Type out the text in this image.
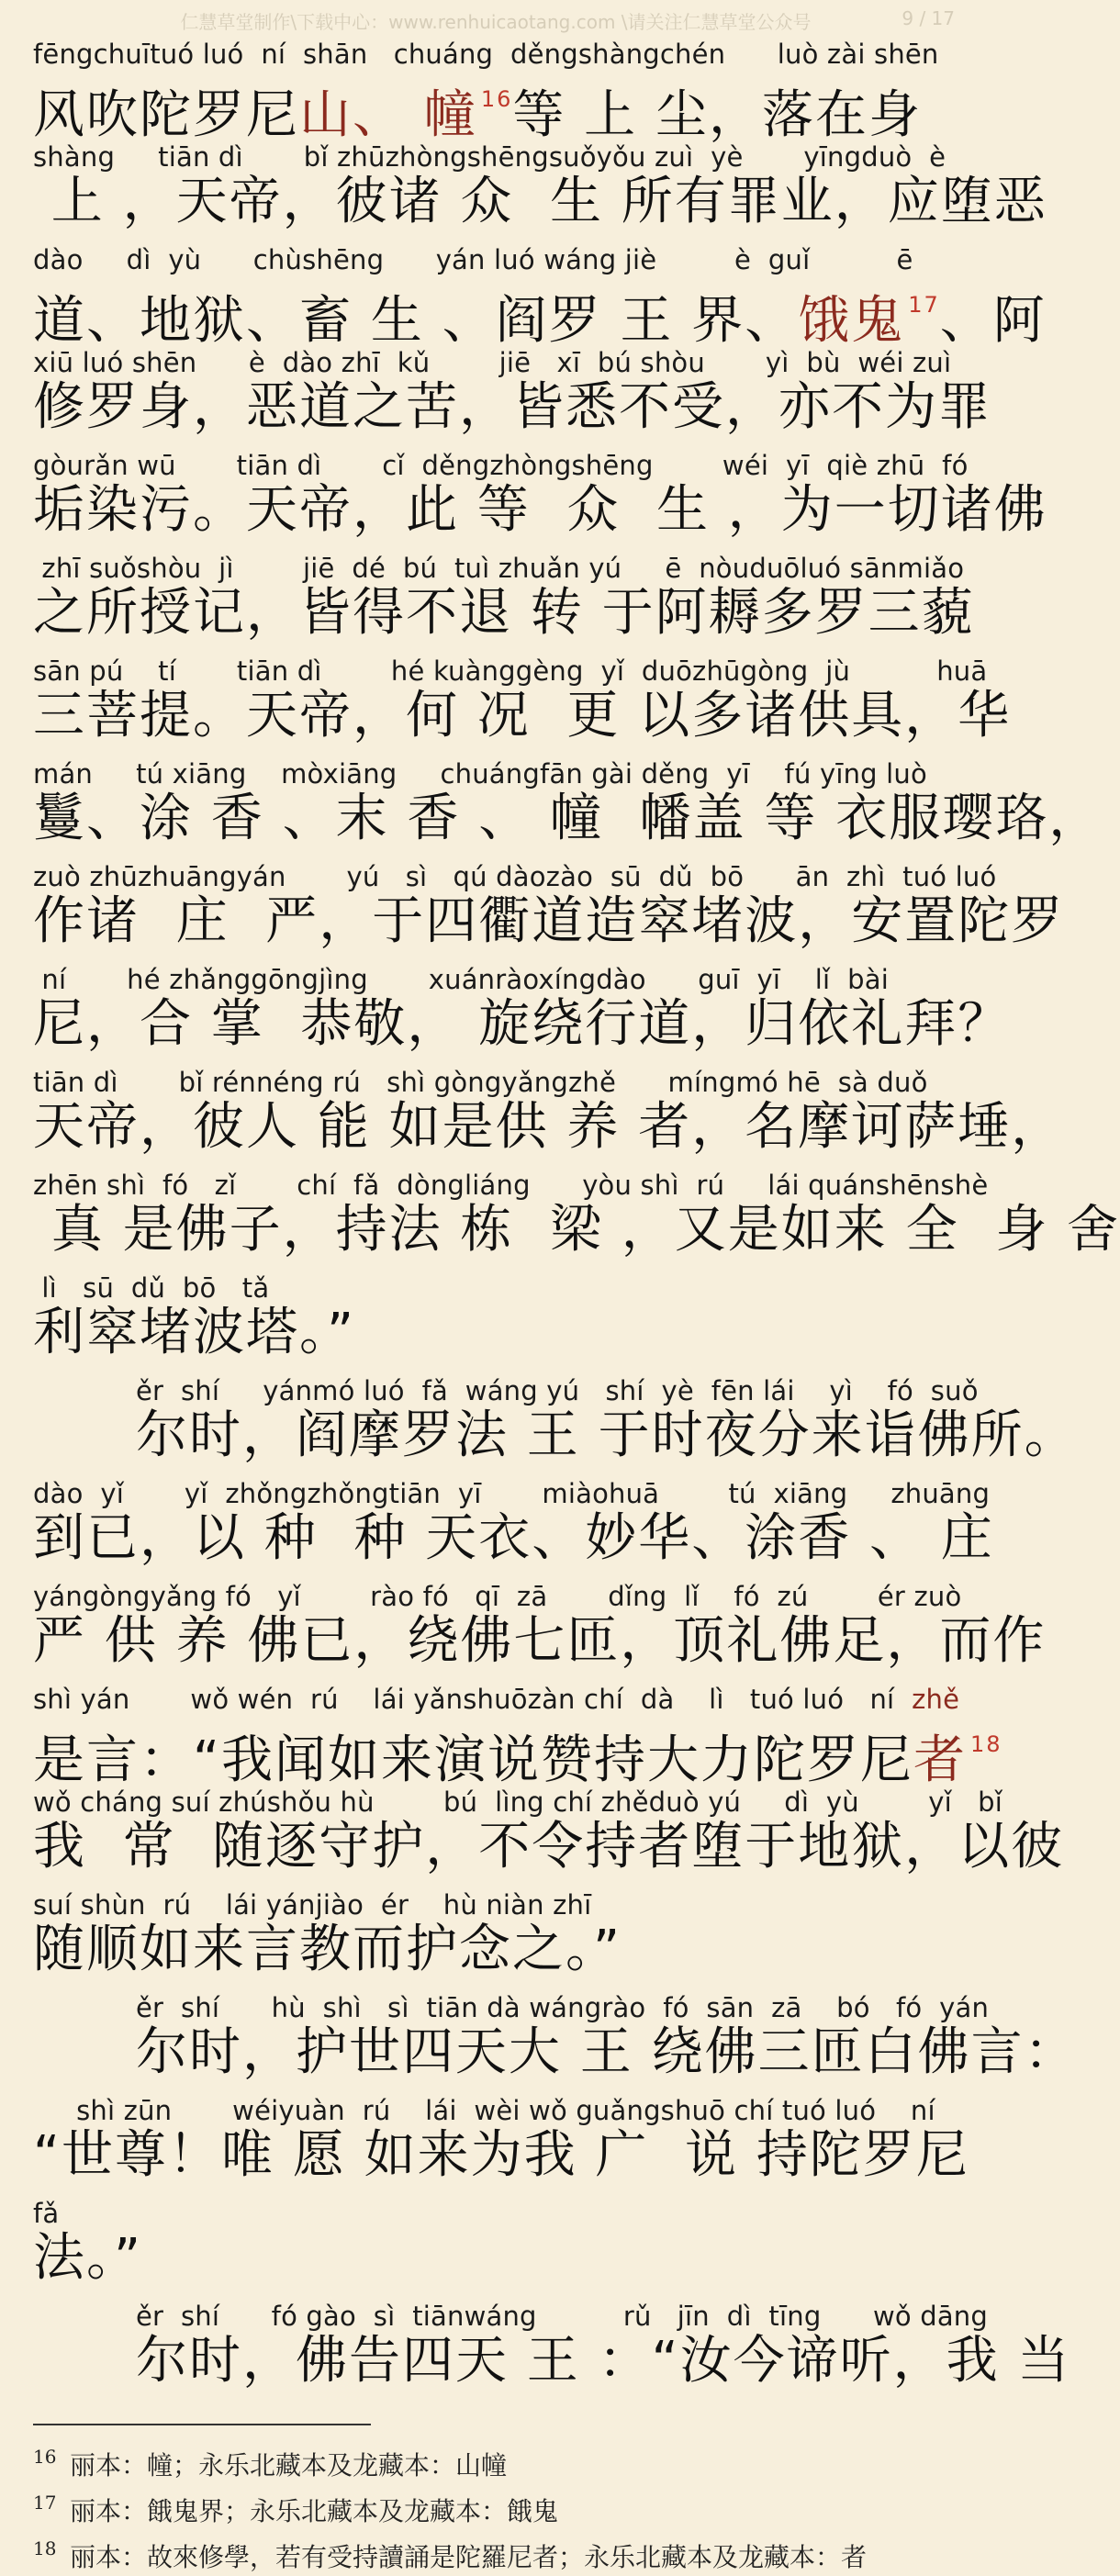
仁慧草堂制作\下载中心：www.renhuicaotang.com \请关注仁慧草堂公众号	9 / 17
fēngchuītuó luó  ní  shān   chuáng  děngshàngchén      luò zài shēn
风吹陀罗尼山、 幢 $^{16}$等 上 尘，落在身
shàng     tiān dì       bǐ zhūzhòngshēngsuǒyǒu zuì  yè       yīngduò  è
上 ，天帝，彼诸 众  生 所有罪业，应堕恶
dào     dì  yù      chùshēng      yán luó wáng jiè         è  guǐ          ē
道、地狱、畜 生 、阎罗 王 界、饿鬼 $^{17}$、阿
xiū luó shēn      è  dào zhī  kǔ        jiē   xī  bú shòu       yì  bù  wéi zuì
修罗身，恶道之苦，皆悉不受，亦不为罪
gòurǎn wū       tiān dì       cǐ  děngzhòngshēng        wéi  yī  qiè zhū  fó
垢染污。天帝，此 等  众  生 ，为一切诸佛
zhī suǒshòu  jì        jiē  dé  bú  tuì zhuǎn yú     ē  nòuduōluó sānmiǎo
之所授记，皆得不退 转 于阿耨多罗三藐
sān pú    tí       tiān dì        hé kuànggèng  yǐ  duōzhūgòng  jù          huā
三菩提。天帝，何 况  更 以多诸供具，华
mán     tú xiāng    mòxiāng     chuángfān gài děng  yī    fú yīng luò
鬘、涂 香 、末 香 、 幢  幡盖 等 衣服璎珞，
zuò zhūzhuāngyán       yú   sì   qú dàozào  sū  dǔ  bō      ān  zhì  tuó luó
作诸  庄  严，于四衢道造窣堵波，安置陀罗
ní       hé zhǎnggōngjìng       xuánràoxíngdào      guī  yī    lǐ  bài
尼，合 掌  恭敬， 旋绕行道，归依礼拜？
tiān dì       bǐ rénnéng rú   shì gòngyǎngzhě      míngmó hē  sà duǒ
天帝，彼人 能 如是供 养 者，名摩诃萨埵，
zhēn shì  fó   zǐ       chí  fǎ  dòngliáng      yòu shì  rú     lái quánshēnshè
真 是佛子，持法 栋  梁 ，又是如来 全  身 舍
lì   sū  dǔ  bō   tǎ
利窣堵波塔。”
ěr  shí     yánmó luó  fǎ  wáng yú   shí  yè  fēn lái    yì    fó  suǒ
尔时，阎摩罗法 王 于时夜分来诣佛所。
dào  yǐ       yǐ  zhǒngzhǒngtiān  yī       miàohuā        tú  xiāng     zhuāng
到已，以 种  种 天衣、妙华、涂香 、 庄
yángòngyǎng fó   yǐ        rào fó   qī  zā       dǐng  lǐ    fó  zú        ér zuò
严 供 养 佛已，绕佛七匝，顶礼佛足，而作
shì yán       wǒ wén  rú    lái yǎnshuōzàn chí  dà    lì   tuó luó   ní  zhě
是言：“我闻如来演说赞持大力陀罗尼者 $^{18}$
wǒ cháng suí zhúshǒu hù        bú  lìng chí zhěduò yú     dì  yù        yǐ   bǐ
我  常  随逐守护，不令持者堕于地狱，以彼
suí shùn  rú    lái yánjiào  ér    hù niàn zhī
随顺如来言教而护念之。”
ěr  shí      hù  shì   sì  tiān dà wángrào  fó  sān  zā    bó   fó  yán
尔时，护世四天大 王 绕佛三匝白佛言：
shì zūn       wéiyuàn  rú    lái  wèi wǒ guǎngshuō chí tuó luó    ní
“世尊！唯 愿 如来为我 广  说 持陀罗尼
fǎ
法。”
ěr  shí      fó gào  sì  tiānwáng          rǔ   jīn  dì  tīng      wǒ dāng
尔时，佛告四天 王 ：“汝今谛听，我 当
16 丽本：幢；永乐北藏本及龙藏本：山幢
17 丽本：餓鬼界；永乐北藏本及龙藏本：餓鬼
18 丽本：故來修學，若有受持讀誦是陀羅尼者；永乐北藏本及龙藏本：者
